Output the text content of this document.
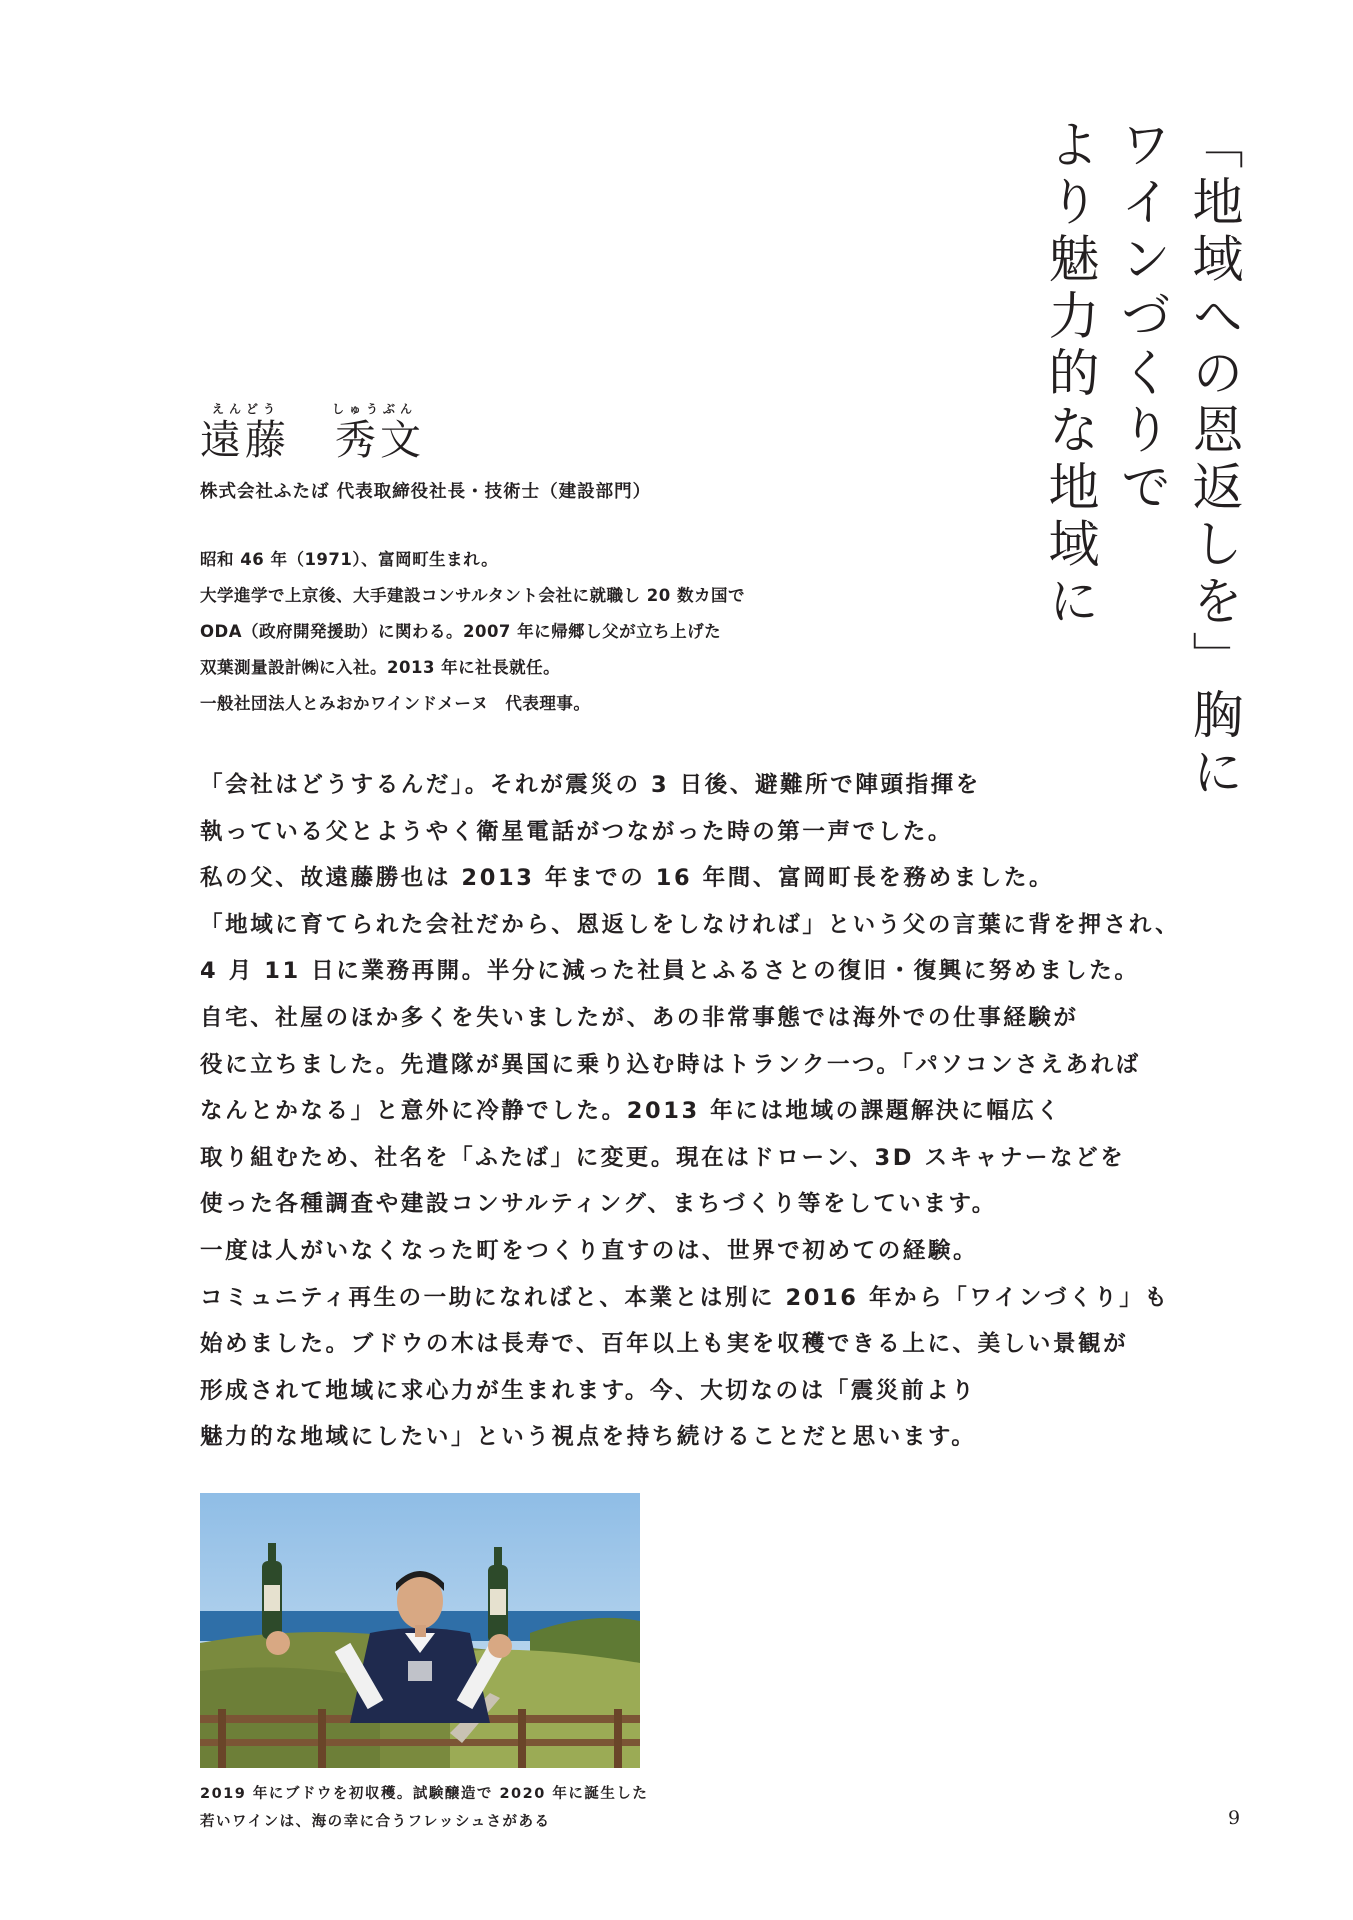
「地域への恩返しを」胸に
ワインづくりで
より魅力的な地域に
えんどう	しゅうぶん
遠藤　秀文
株式会社ふたば 代表取締役社長・技術士（建設部門）
昭和 46 年（1971）、富岡町生まれ。
大学進学で上京後、大手建設コンサルタント会社に就職し 20 数カ国で
ODA（政府開発援助）に関わる。2007 年に帰郷し父が立ち上げた
双葉測量設計㈱に入社。2013 年に社長就任。
一般社団法人とみおかワインドメーヌ　代表理事。
「会社はどうするんだ」。それが震災の 3 日後、避難所で陣頭指揮を
執っている父とようやく衛星電話がつながった時の第一声でした。
私の父、故遠藤勝也は 2013 年までの 16 年間、富岡町長を務めました。
「地域に育てられた会社だから、恩返しをしなければ」という父の言葉に背を押され、
4 月 11 日に業務再開。半分に減った社員とふるさとの復旧・復興に努めました。
自宅、社屋のほか多くを失いましたが、あの非常事態では海外での仕事経験が
役に立ちました。先遣隊が異国に乗り込む時はトランク一つ。「パソコンさえあれば
なんとかなる」と意外に冷静でした。2013 年には地域の課題解決に幅広く
取り組むため、社名を「ふたば」に変更。現在はドローン、3D スキャナーなどを
使った各種調査や建設コンサルティング、まちづくり等をしています。
一度は人がいなくなった町をつくり直すのは、世界で初めての経験。
コミュニティ再生の一助になればと、本業とは別に 2016 年から「ワインづくり」も
始めました。ブドウの木は長寿で、百年以上も実を収穫できる上に、美しい景観が
形成されて地域に求心力が生まれます。今、大切なのは「震災前より
魅力的な地域にしたい」という視点を持ち続けることだと思います。
2019 年にブドウを初収穫。試験醸造で 2020 年に誕生した
若いワインは、海の幸に合うフレッシュさがある	9
